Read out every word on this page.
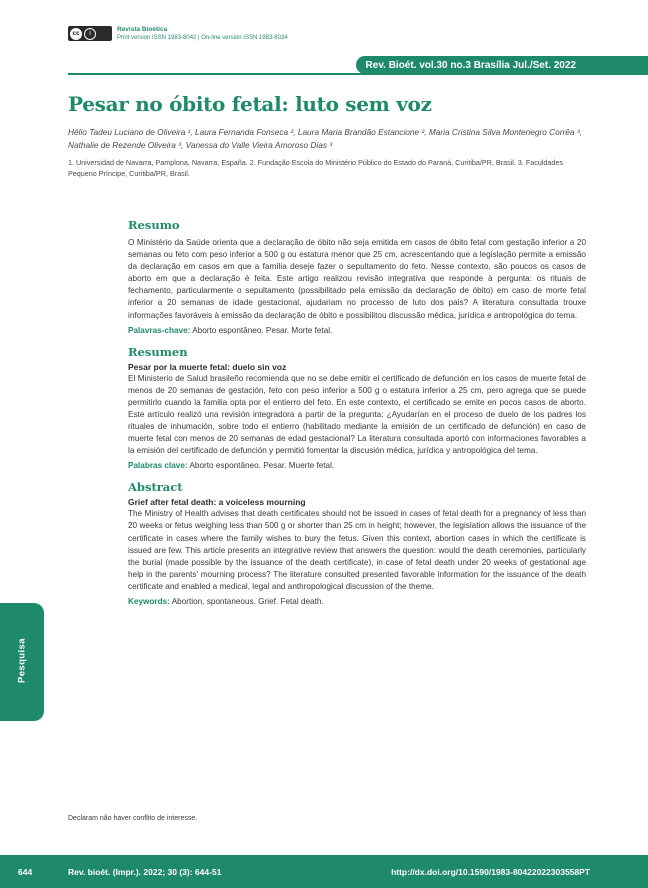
cc	i
Revista Bioética
Print version ISSN 1983-8042 | On-line version ISSN 1983-8034
Rev. Bioét. vol.30 no.3 Brasília Jul./Set. 2022
Pesar no óbito fetal: luto sem voz
Hélio Tadeu Luciano de Oliveira ¹, Laura Fernanda Fonseca ², Laura Maria Brandão Estancione ², Maria Cristina Silva Montenegro Corrêa ³, Nathalie de Rezende Oliveira ³, Vanessa do Valle Vieira Amoroso Dias ³
1. Universidad de Navarra, Pamplona, Navarra, España. 2. Fundação Escola do Ministério Público do Estado do Paraná, Curitiba/PR, Brasil. 3. Faculdades Pequeno Príncipe, Curitiba/PR, Brasil.
Resumo

O Ministério da Saúde orienta que a declaração de óbito não seja emitida em casos de óbito fetal com gestação inferior a 20 semanas ou feto com peso inferior a 500 g ou estatura menor que 25 cm, acrescentando que a legislação permite a emissão da declaração em casos em que a família deseje fazer o sepultamento do feto. Nesse contexto, são poucos os casos de aborto em que a declaração é feita. Este artigo realizou revisão integrativa que responde à pergunta: os rituais de fechamento, particularmente o sepultamento (possibilitado pela emissão da declaração de óbito) em caso de morte fetal inferior a 20 semanas de idade gestacional, ajudariam no processo de luto dos pais? A literatura consultada trouxe informações favoráveis à emissão da declaração de óbito e possibilitou discussão médica, jurídica e antropológica do tema.

Palavras-chave: Aborto espontâneo. Pesar. Morte fetal.
Resumen
Pesar por la muerte fetal: duelo sin voz

El Ministerio de Salud brasileño recomienda que no se debe emitir el certificado de defunción en los casos de muerte fetal de menos de 20 semanas de gestación, feto con peso inferior a 500 g o estatura inferior a 25 cm, pero agrega que se puede permitirlo cuando la familia opta por el entierro del feto. En este contexto, el certificado se emite en pocos casos de aborto. Este artículo realizó una revisión integradora a partir de la pregunta: ¿Ayudarían en el proceso de duelo de los padres los rituales de inhumación, sobre todo el entierro (habilitado mediante la emisión de un certificado de defunción) en caso de muerte fetal con menos de 20 semanas de edad gestacional? La literatura consultada aportó con informaciones favorables a la emisión del certificado de defunción y permitió fomentar la discusión médica, jurídica y antropológica del tema.

Palabras clave: Aborto espontâneo. Pesar. Muerte fetal.
Abstract
Grief after fetal death: a voiceless mourning

The Ministry of Health advises that death certificates should not be issued in cases of fetal death for a pregnancy of less than 20 weeks or fetus weighing less than 500 g or shorter than 25 cm in height; however, the legislation allows the issuance of the certificate in cases where the family wishes to bury the fetus. Given this context, abortion cases in which the certificate is issued are few. This article presents an integrative review that answers the question: would the death ceremonies, particularly the burial (made possible by the issuance of the death certificate), in case of fetal death under 20 weeks of gestational age help in the parents' mourning process? The literature consulted presented favorable information for the issuance of the death certificate and enabled a medical, legal and anthropological discussion of the theme.

Keywords: Abortion, spontaneous. Grief. Fetal death.
Pesquisa
Declaram não haver conflito de interesse.
644	Rev. bioét. (Impr.). 2022; 30 (3): 644-51	http://dx.doi.org/10.1590/1983-80422022303558PT
